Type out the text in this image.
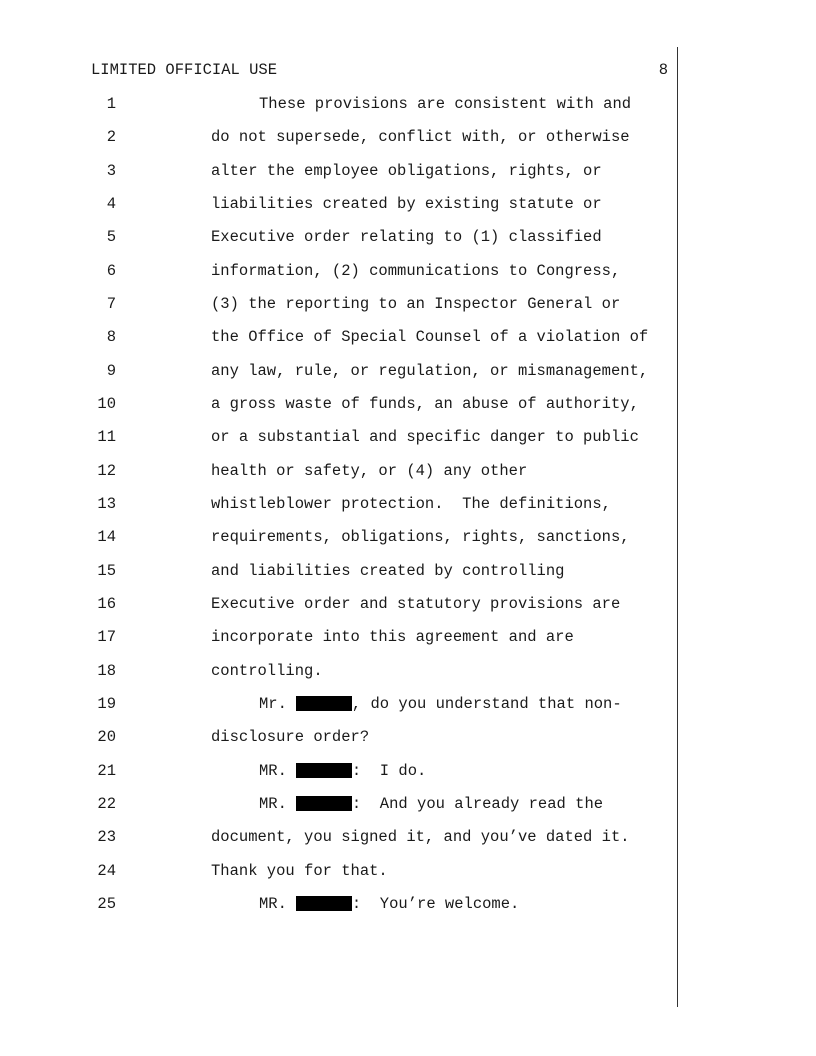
LIMITED OFFICIAL USE	8
1	These provisions are consistent with and
2	do not supersede, conflict with, or otherwise
3	alter the employee obligations, rights, or
4	liabilities created by existing statute or
5	Executive order relating to (1) classified
6	information, (2) communications to Congress,
7	(3) the reporting to an Inspector General or
8	the Office of Special Counsel of a violation of
9	any law, rule, or regulation, or mismanagement,
10	a gross waste of funds, an abuse of authority,
11	or a substantial and specific danger to public
12	health or safety, or (4) any other
13	whistleblower protection.  The definitions,
14	requirements, obligations, rights, sanctions,
15	and liabilities created by controlling
16	Executive order and statutory provisions are
17	incorporate into this agreement and are
18	controlling.
19	Mr.	, do you understand that non-
20	disclosure order?
21	MR.	:  I do.
22	MR.	:  And you already read the
23	document, you signed it, and you’ve dated it.
24	Thank you for that.
25	MR.	:  You’re welcome.
